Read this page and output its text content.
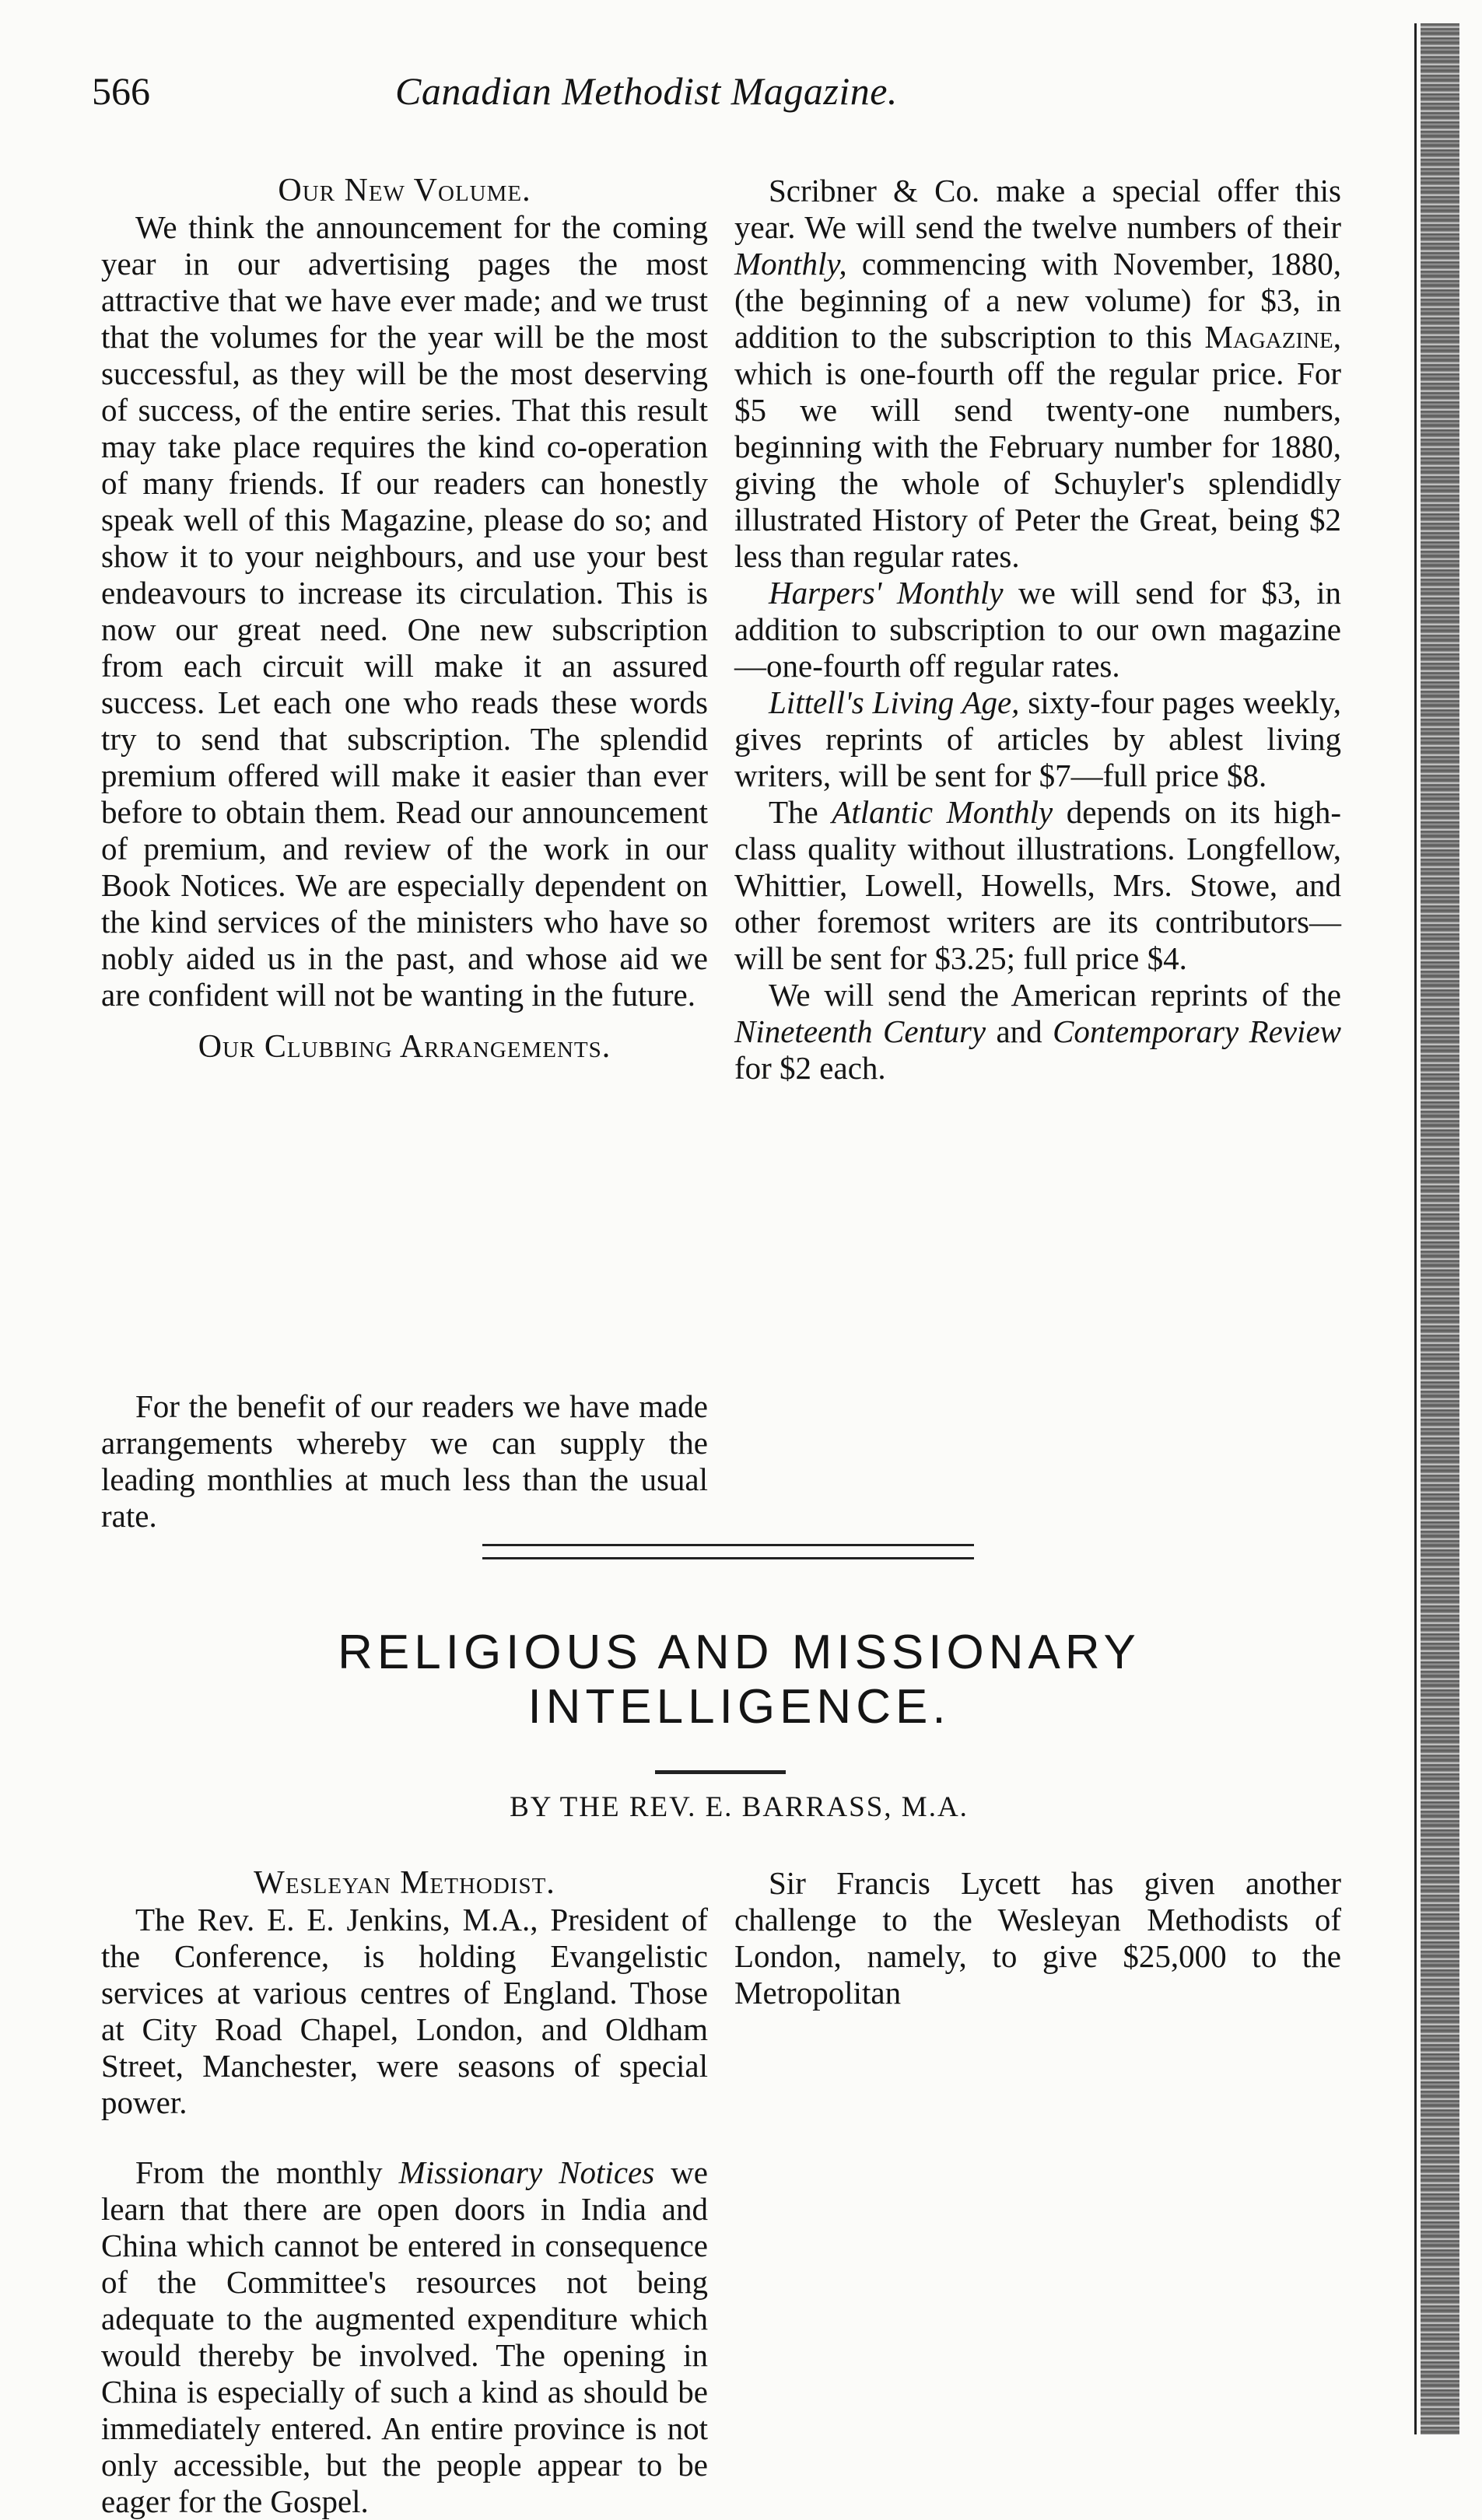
566	Canadian Methodist Magazine.

Our New Volume.

We think the announcement for the coming year in our advertising pages the most attractive that we have ever made; and we trust that the volumes for the year will be the most successful, as they will be the most deserving of success, of the entire series. That this result may take place requires the kind co-operation of many friends. If our readers can honestly speak well of this Magazine, please do so; and show it to your neighbours, and use your best endeavours to increase its circulation. This is now our great need. One new subscription from each circuit will make it an assured success. Let each one who reads these words try to send that subscription. The splendid premium offered will make it easier than ever before to obtain them. Read our announcement of premium, and review of the work in our Book Notices. We are especially dependent on the kind services of the ministers who have so nobly aided us in the past, and whose aid we are confident will not be wanting in the future.

Our Clubbing Arrangements.

Scribner & Co. make a special offer this year. We will send the twelve numbers of their Monthly, commencing with November, 1880, (the beginning of a new volume) for $3, in addition to the subscription to this Magazine, which is one-fourth off the regular price. For $5 we will send twenty-one numbers, beginning with the February number for 1880, giving the whole of Schuyler's splendidly illustrated History of Peter the Great, being $2 less than regular rates.

Harpers' Monthly we will send for $3, in addition to subscription to our own magazine—one-fourth off regular rates.

Littell's Living Age, sixty-four pages weekly, gives reprints of articles by ablest living writers, will be sent for $7—full price $8.

The Atlantic Monthly depends on its high-class quality without illustrations. Longfellow, Whittier, Lowell, Howells, Mrs. Stowe, and other foremost writers are its contributors—will be sent for $3.25; full price $4.

We will send the American reprints of the Nineteenth Century and Contemporary Review for $2 each.

For the benefit of our readers we have made arrangements whereby we can supply the leading monthlies at much less than the usual rate.

RELIGIOUS AND MISSIONARY
INTELLIGENCE.
BY THE REV. E. BARRASS, M.A.

Wesleyan Methodist.

The Rev. E. E. Jenkins, M.A., President of the Conference, is holding Evangelistic services at various centres of England. Those at City Road Chapel, London, and Oldham Street, Manchester, were seasons of special power.

Sir Francis Lycett has given another challenge to the Wesleyan Methodists of London, namely, to give $25,000 to the Metropolitan

From the monthly Missionary Notices we learn that there are open doors in India and China which cannot be entered in consequence of the Committee's resources not being adequate to the augmented expenditure which would thereby be involved. The opening in China is especially of such a kind as should be immediately entered. An entire province is not only accessible, but the people appear to be eager for the Gospel.
